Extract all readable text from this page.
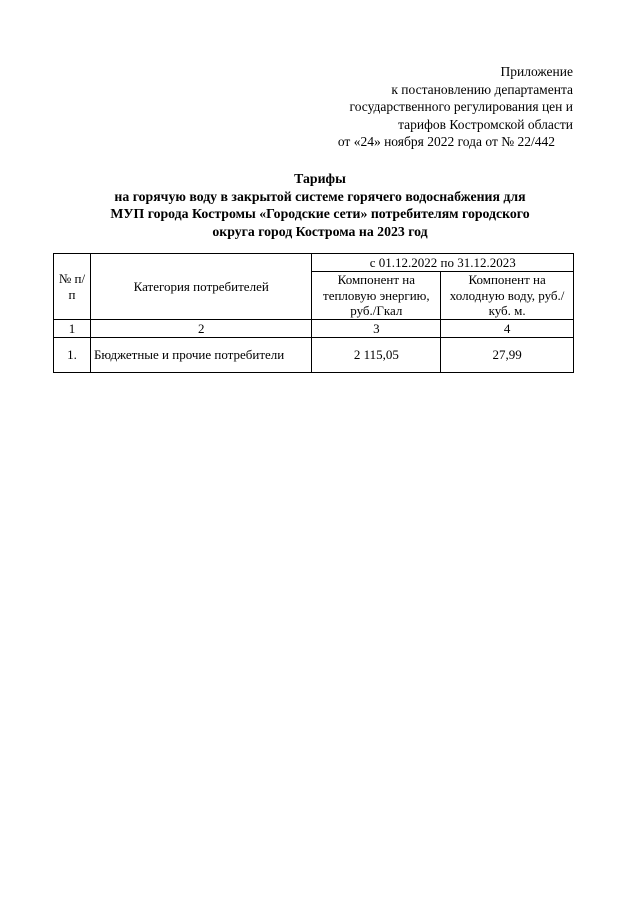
Приложение
к постановлению департамента
государственного регулирования цен и
тарифов Костромской области
от «24» ноября 2022 года от № 22/442
Тарифы
на горячую воду в закрытой системе горячего водоснабжения для
МУП города Костромы «Городские сети» потребителям городского
округа город Кострома на 2023 год
№ п/п	Категория потребителей	с 01.12.2022 по 31.12.2023	
		Компонент на тепловую энергию, руб./Гкал	Компонент на холодную воду, руб./куб. м.
1	2	3	4
1.	Бюджетные и прочие потребители	2 115,05	27,99
